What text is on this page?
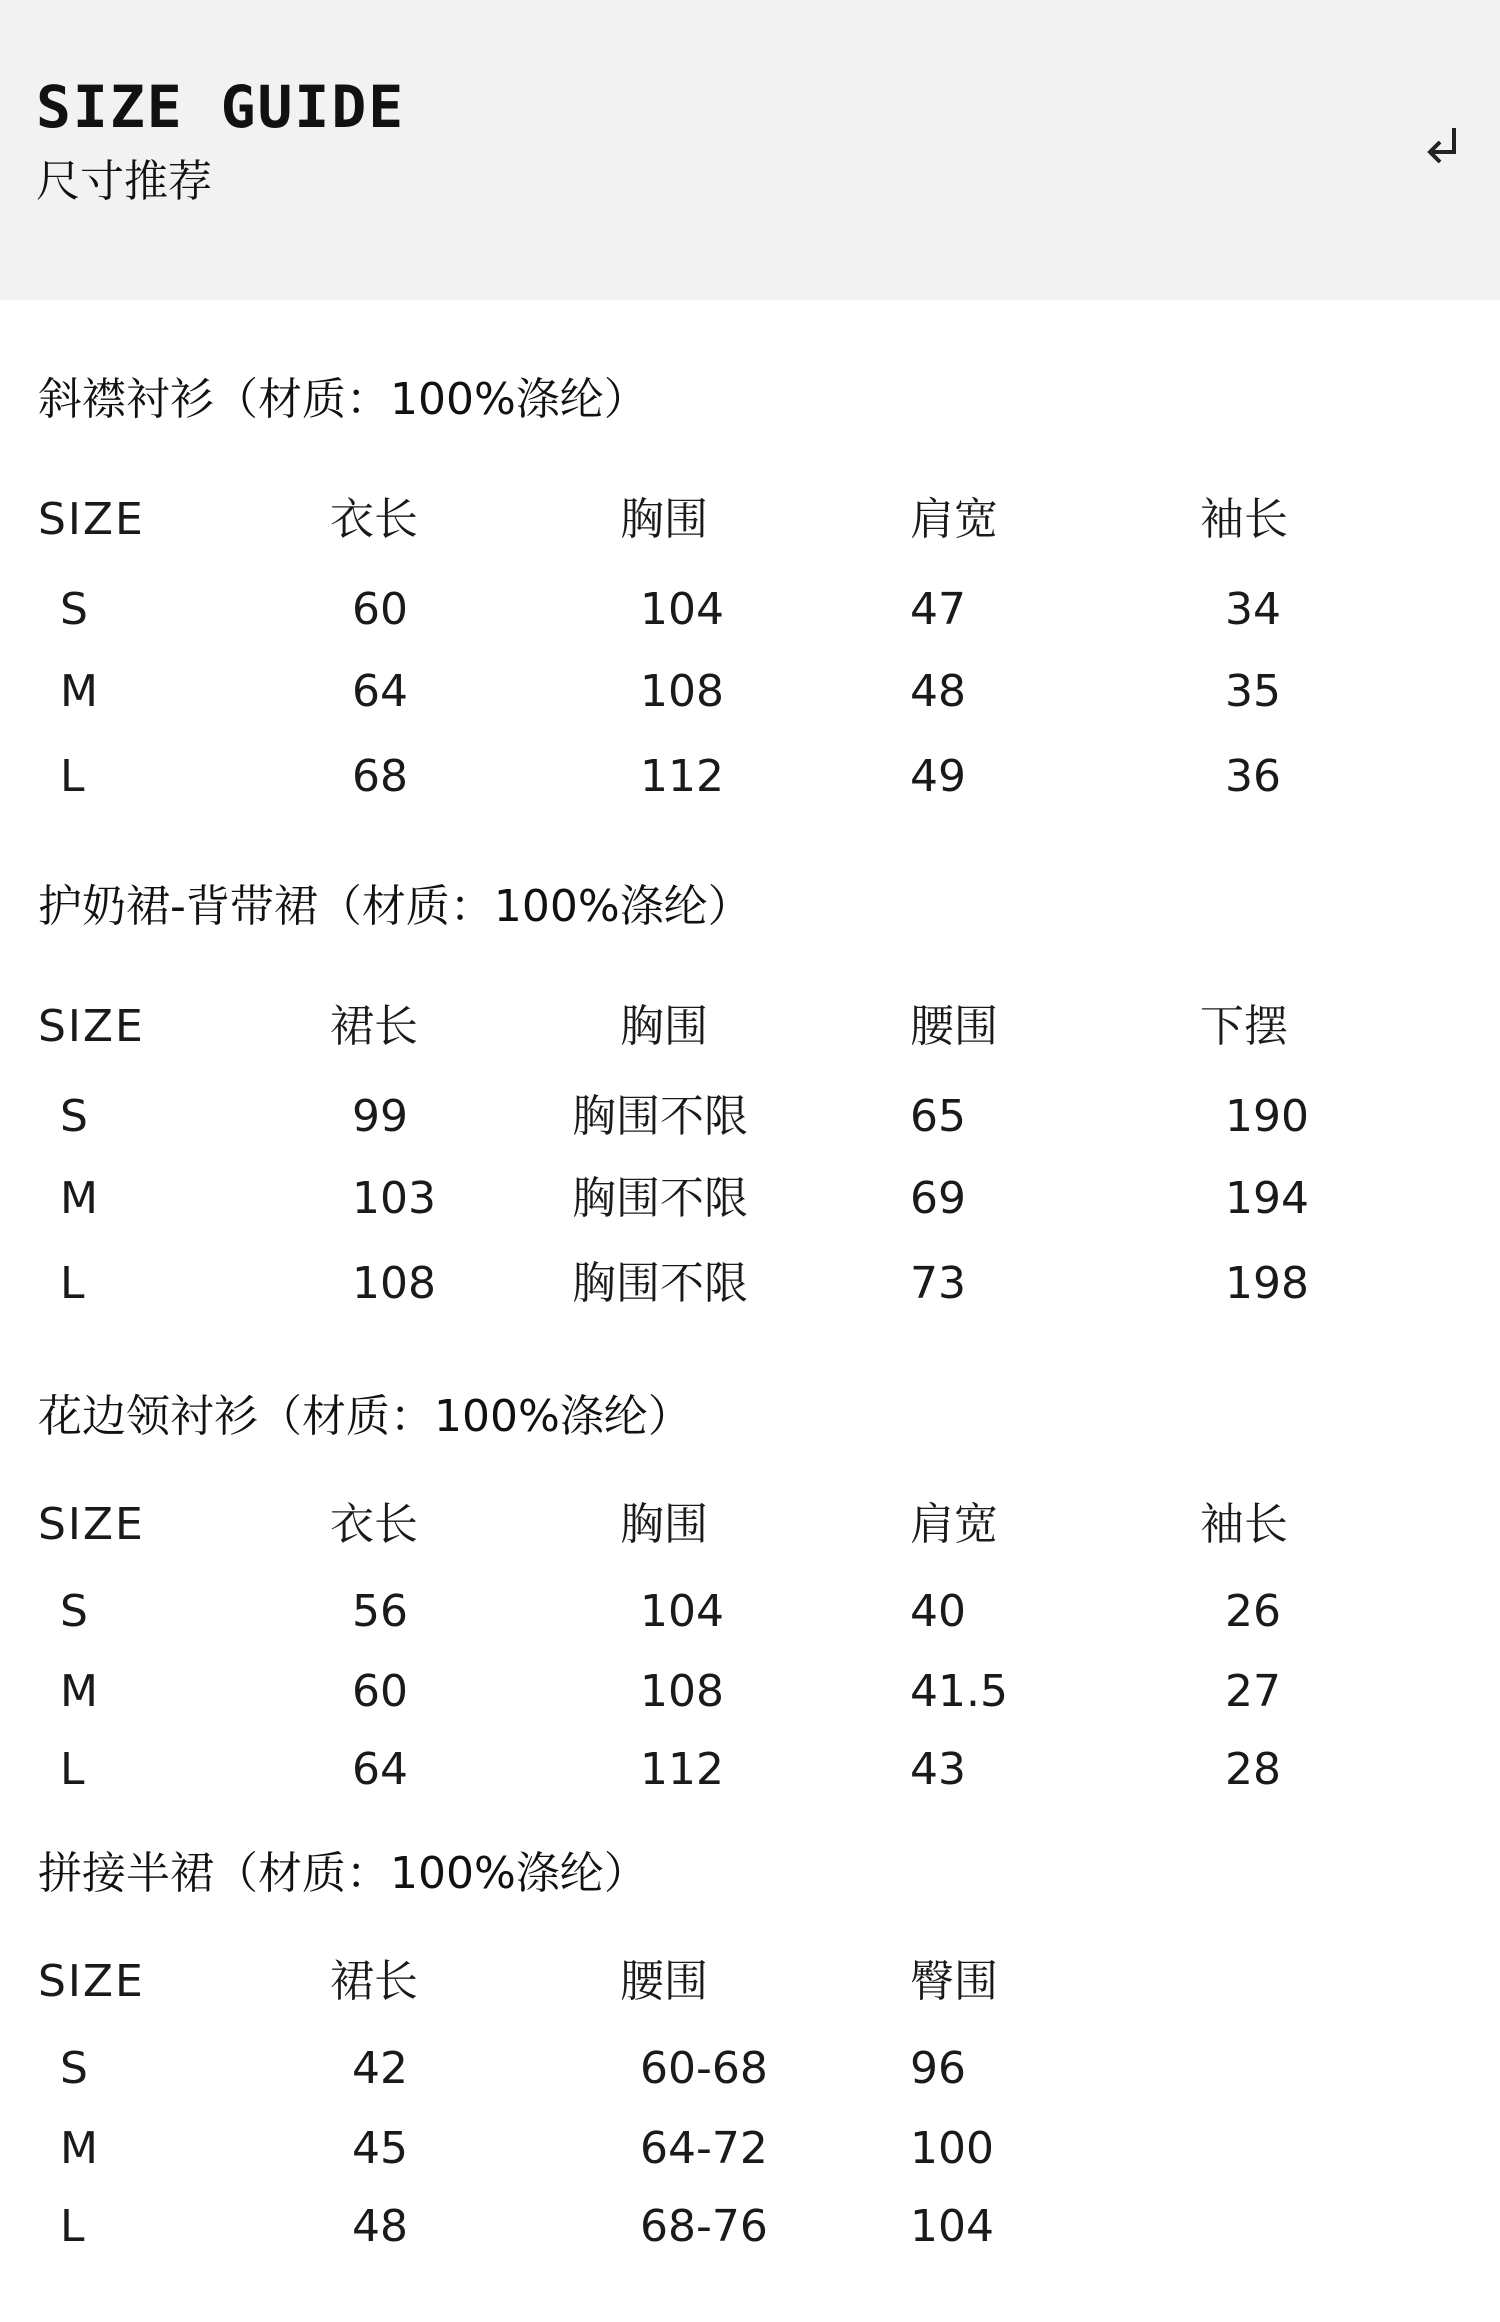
SIZE GUIDE
尺寸推荐
斜襟衬衫（材质：100%涤纶）
SIZE	衣长	胸围	肩宽	袖长
S	60	104	47	34
M	64	108	48	35
L	68	112	49	36
护奶裙-背带裙（材质：100%涤纶）
SIZE	裙长	胸围	腰围	下摆
S	99	胸围不限	65	190
M	103	胸围不限	69	194
L	108	胸围不限	73	198
花边领衬衫（材质：100%涤纶）
SIZE	衣长	胸围	肩宽	袖长
S	56	104	40	26
M	60	108	41.5	27
L	64	112	43	28
拼接半裙（材质：100%涤纶）
SIZE	裙长	腰围	臀围
S	42	60-68	96
M	45	64-72	100
L	48	68-76	104
